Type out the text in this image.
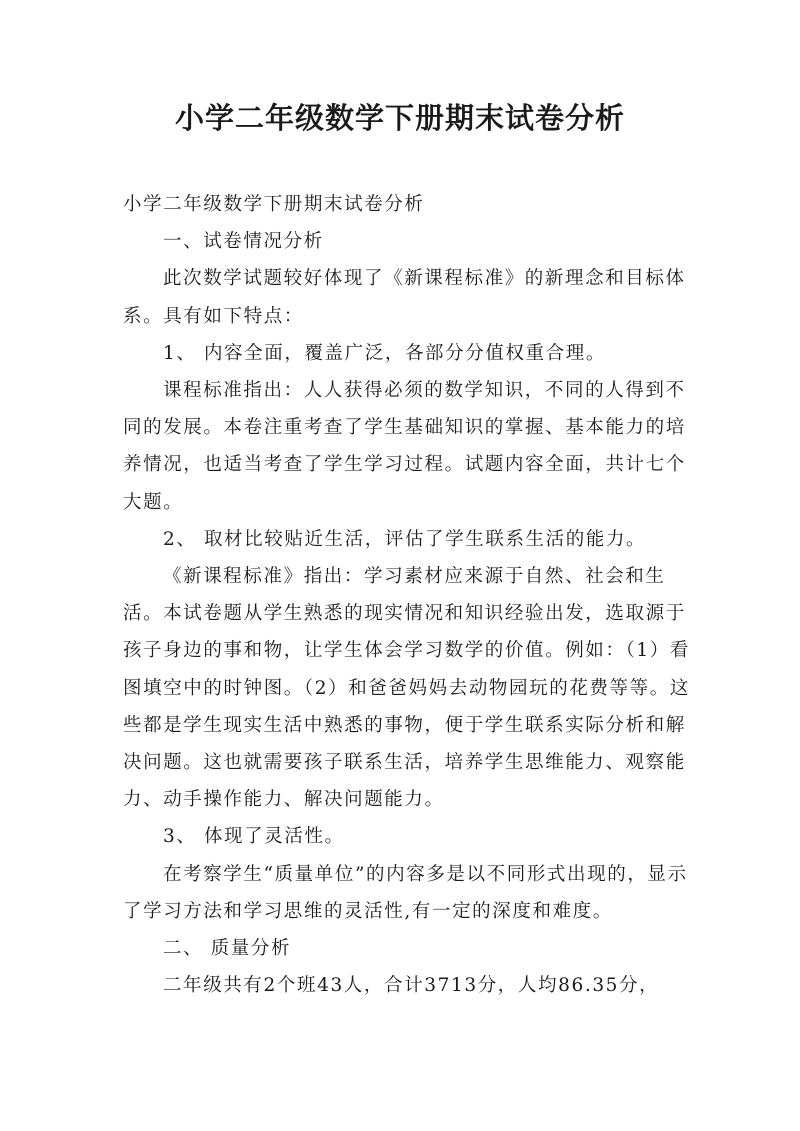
小学二年级数学下册期末试卷分析

小学二年级数学下册期末试卷分析

一、试卷情况分析

此次数学试题较好体现了《新课程标准》的新理念和目标体系。具有如下特点：

1、 内容全面，覆盖广泛，各部分分值权重合理。

课程标准指出：人人获得必须的数学知识，不同的人得到不同的发展。本卷注重考查了学生基础知识的掌握、基本能力的培养情况，也适当考查了学生学习过程。试题内容全面，共计七个大题。

2、 取材比较贴近生活，评估了学生联系生活的能力。

《新课程标准》指出：学习素材应来源于自然、社会和生活。本试卷题从学生熟悉的现实情况和知识经验出发，选取源于孩子身边的事和物，让学生体会学习数学的价值。例如：（1）看图填空中的时钟图。（2）和爸爸妈妈去动物园玩的花费等等。这些都是学生现实生活中熟悉的事物，便于学生联系实际分析和解决问题。这也就需要孩子联系生活，培养学生思维能力、观察能力、动手操作能力、解决问题能力。

3、 体现了灵活性。

在考察学生“质量单位”的内容多是以不同形式出现的，显示了学习方法和学习思维的灵活性,有一定的深度和难度。

二、 质量分析

二年级共有2个班43人，合计3713分，人均86.35分，
